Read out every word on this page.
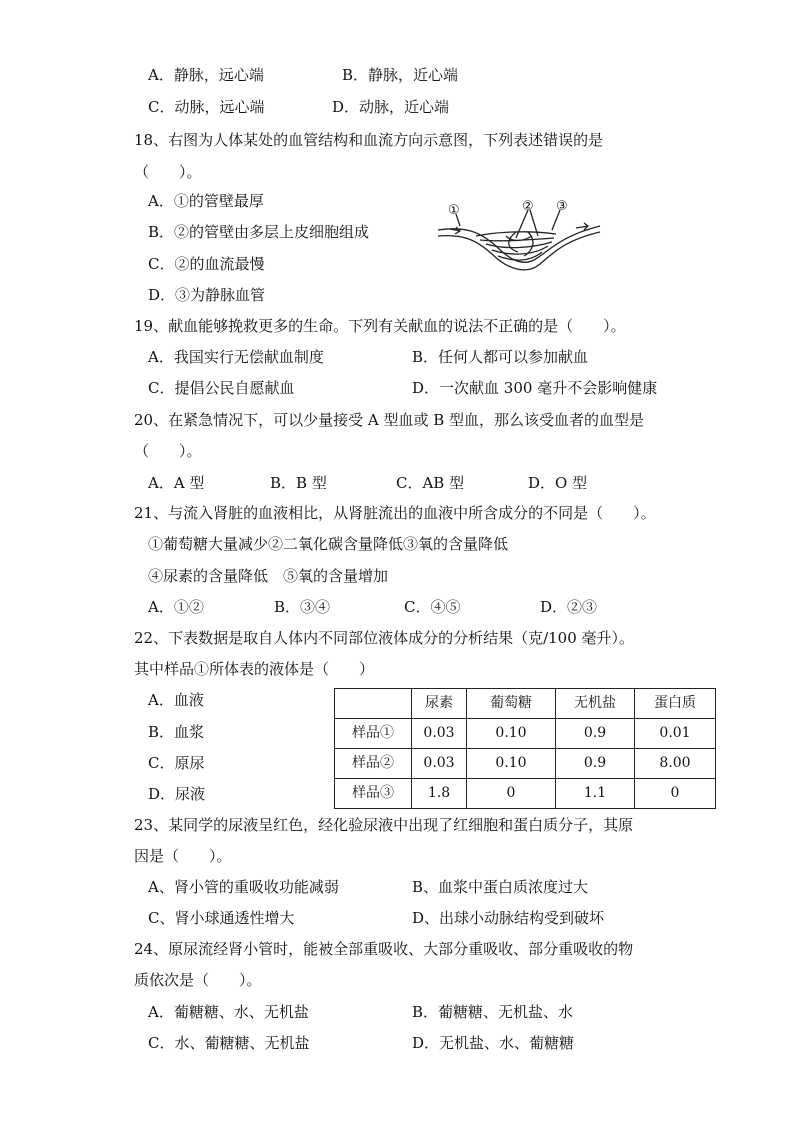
A．静脉，远心端	B．静脉，近心端
C．动脉，远心端	D．动脉，近心端
18、右图为人体某处的血管结构和血流方向示意图，下列表述错误的是
（　　）。
A．①的管壁最厚
B．②的管壁由多层上皮细胞组成
C．②的血流最慢
D．③为静脉血管
①	② ③
19、献血能够挽救更多的生命。下列有关献血的说法不正确的是（　　）。
A．我国实行无偿献血制度	B．任何人都可以参加献血
C．提倡公民自愿献血	D．一次献血 300 毫升不会影响健康
20、在紧急情况下，可以少量接受 A 型血或 B 型血，那么该受血者的血型是
（　　）。
A．A 型	B．B 型	C．AB 型	D．O 型
21、与流入肾脏的血液相比，从肾脏流出的血液中所含成分的不同是（　　）。
①葡萄糖大量减少②二氧化碳含量降低③氧的含量降低
④尿素的含量降低　⑤氧的含量增加
A．①②	B．③④	C．④⑤	D．②③
22、下表数据是取自人体内不同部位液体成分的分析结果（克/100 毫升）。
其中样品①所体表的液体是（　　）
A．血液
B．血浆
C．原尿
D．尿液
	尿素	葡萄糖	无机盐	蛋白质
样品①	0.03	0.10	0.9	0.01
样品②	0.03	0.10	0.9	8.00
样品③	1.8	0	1.1	0
23、某同学的尿液呈红色，经化验尿液中出现了红细胞和蛋白质分子，其原
因是（　　）。
A、肾小管的重吸收功能减弱	B、血浆中蛋白质浓度过大
C、肾小球通透性增大	D、出球小动脉结构受到破坏
24、原尿流经肾小管时，能被全部重吸收、大部分重吸收、部分重吸收的物
质依次是（　　）。
A．葡糖糖、水、无机盐	B．葡糖糖、无机盐、水
C．水、葡糖糖、无机盐	D．无机盐、水、葡糖糖
